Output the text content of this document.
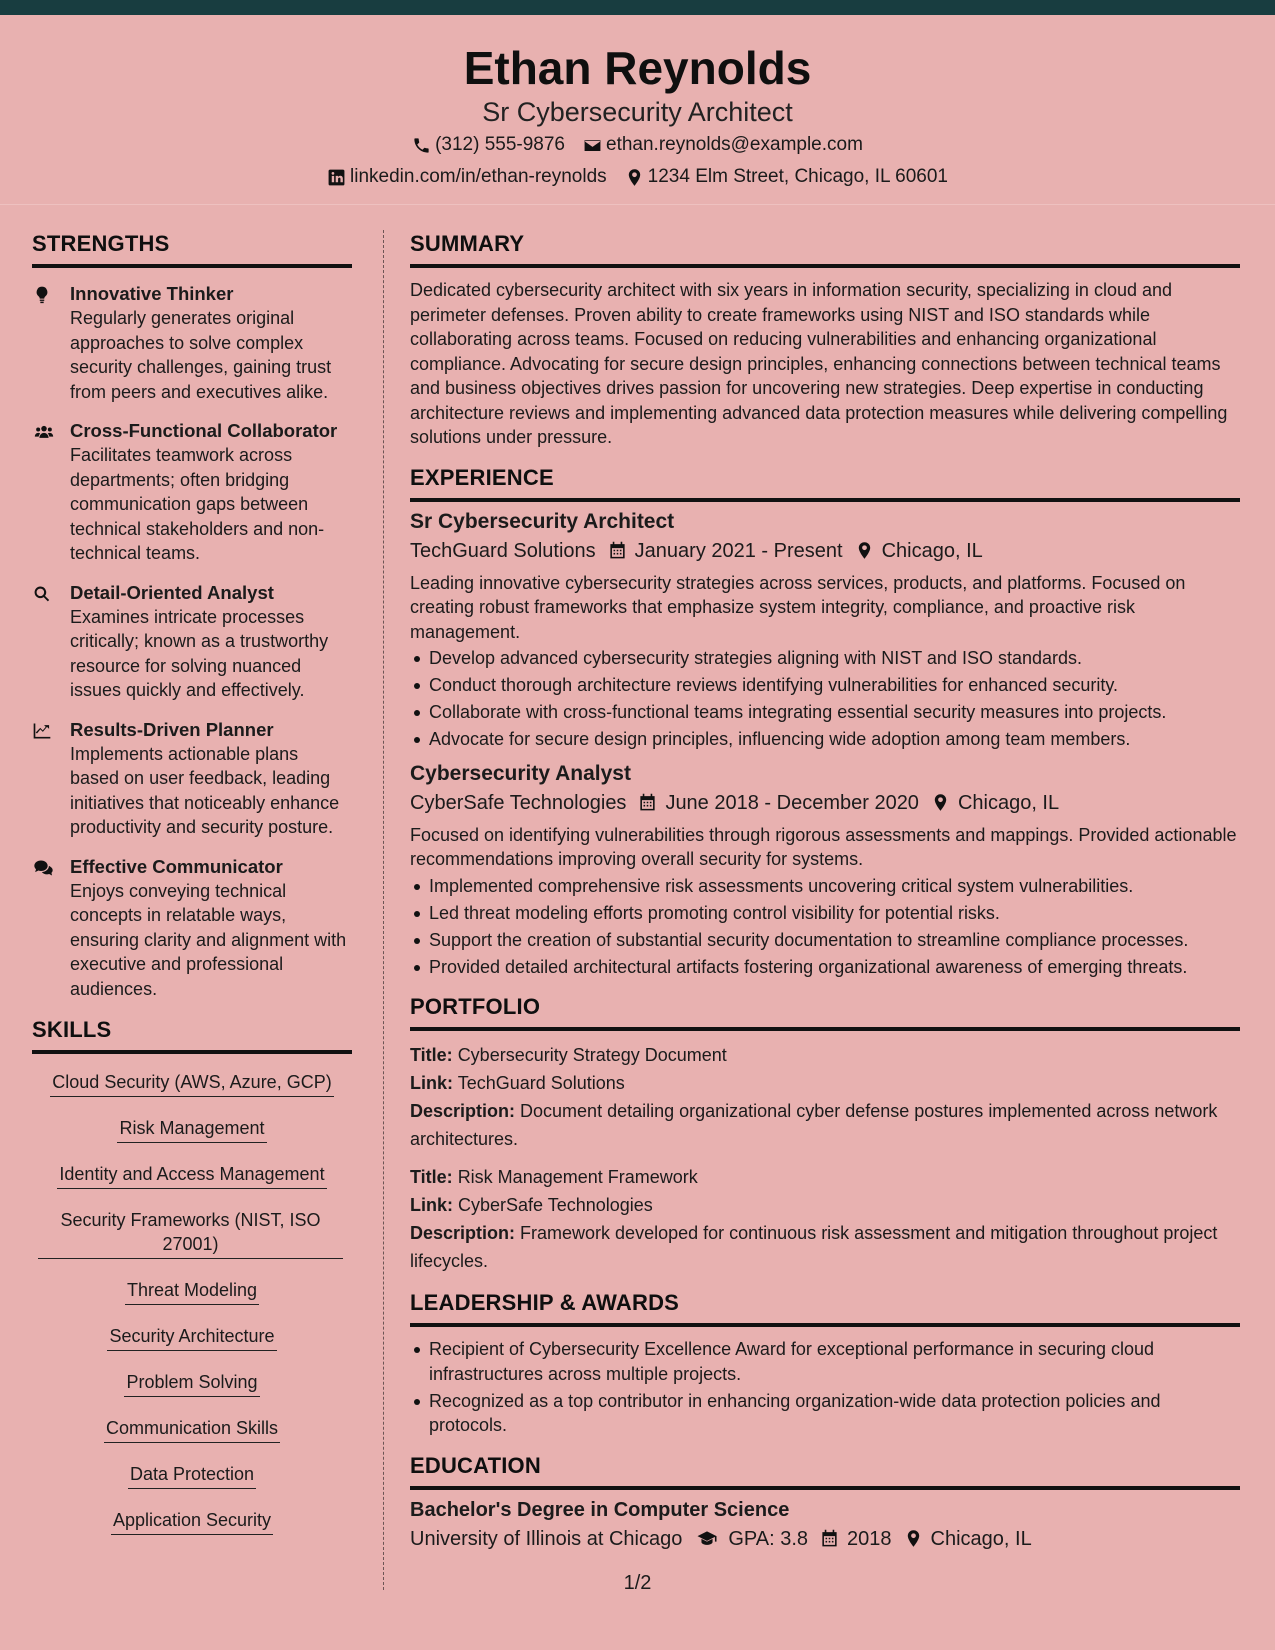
Ethan Reynolds
Sr Cybersecurity Architect
(312) 555-9876 ethan.reynolds@example.com
linkedin.com/in/ethan-reynolds 1234 Elm Street, Chicago, IL 60601
STRENGTHS
Innovative Thinker
Regularly generates original approaches to solve complex security challenges, gaining trust from peers and executives alike.
Cross-Functional Collaborator
Facilitates teamwork across departments; often bridging communication gaps between technical stakeholders and non-technical teams.
Detail-Oriented Analyst
Examines intricate processes critically; known as a trustworthy resource for solving nuanced issues quickly and effectively.
Results-Driven Planner
Implements actionable plans based on user feedback, leading initiatives that noticeably enhance productivity and security posture.
Effective Communicator
Enjoys conveying technical concepts in relatable ways, ensuring clarity and alignment with executive and professional audiences.
SKILLS
Cloud Security (AWS, Azure, GCP)
Risk Management
Identity and Access Management
Security Frameworks (NIST, ISO 27001)
Threat Modeling
Security Architecture
Problem Solving
Communication Skills
Data Protection
Application Security
SUMMARY
Dedicated cybersecurity architect with six years in information security, specializing in cloud and perimeter defenses. Proven ability to create frameworks using NIST and ISO standards while collaborating across teams. Focused on reducing vulnerabilities and enhancing organizational compliance. Advocating for secure design principles, enhancing connections between technical teams and business objectives drives passion for uncovering new strategies. Deep expertise in conducting architecture reviews and implementing advanced data protection measures while delivering compelling solutions under pressure.
EXPERIENCE
Sr Cybersecurity Architect
TechGuard Solutions January 2021 - Present Chicago, IL
Leading innovative cybersecurity strategies across services, products, and platforms. Focused on creating robust frameworks that emphasize system integrity, compliance, and proactive risk management.
Develop advanced cybersecurity strategies aligning with NIST and ISO standards.
Conduct thorough architecture reviews identifying vulnerabilities for enhanced security.
Collaborate with cross-functional teams integrating essential security measures into projects.
Advocate for secure design principles, influencing wide adoption among team members.
Cybersecurity Analyst
CyberSafe Technologies June 2018 - December 2020 Chicago, IL
Focused on identifying vulnerabilities through rigorous assessments and mappings. Provided actionable recommendations improving overall security for systems.
Implemented comprehensive risk assessments uncovering critical system vulnerabilities.
Led threat modeling efforts promoting control visibility for potential risks.
Support the creation of substantial security documentation to streamline compliance processes.
Provided detailed architectural artifacts fostering organizational awareness of emerging threats.
PORTFOLIO
Title: Cybersecurity Strategy Document
Link: TechGuard Solutions
Description: Document detailing organizational cyber defense postures implemented across network architectures.
Title: Risk Management Framework
Link: CyberSafe Technologies
Description: Framework developed for continuous risk assessment and mitigation throughout project lifecycles.
LEADERSHIP & AWARDS
Recipient of Cybersecurity Excellence Award for exceptional performance in securing cloud infrastructures across multiple projects.
Recognized as a top contributor in enhancing organization-wide data protection policies and protocols.
EDUCATION
Bachelor's Degree in Computer Science
University of Illinois at Chicago GPA: 3.8 2018 Chicago, IL
1/2
